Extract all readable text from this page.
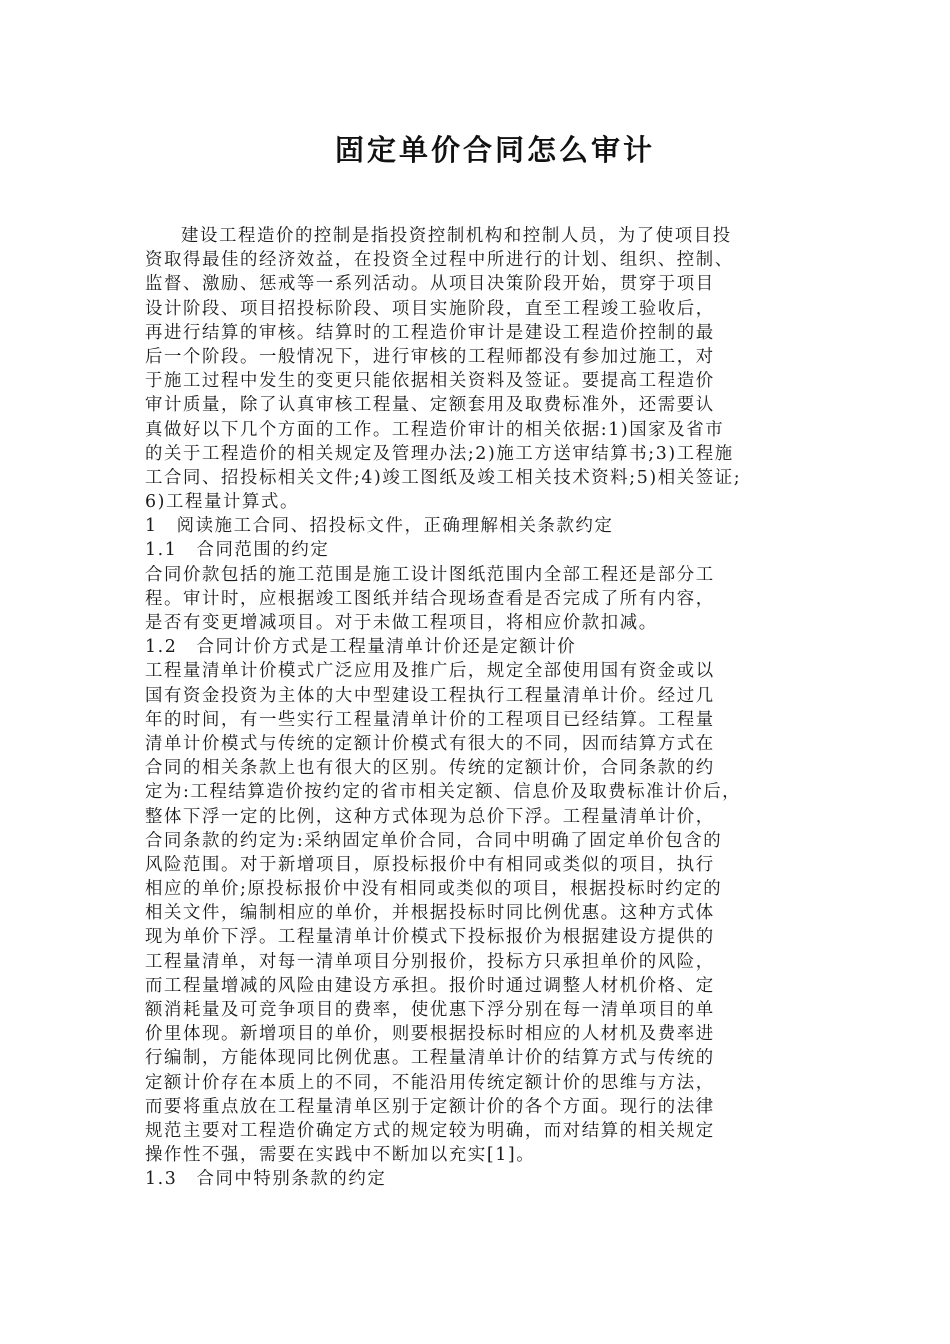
固定单价合同怎么审计
建设工程造价的控制是指投资控制机构和控制人员，为了使项目投
资取得最佳的经济效益，在投资全过程中所进行的计划、组织、控制、
监督、激励、惩戒等一系列活动。从项目决策阶段开始，贯穿于项目
设计阶段、项目招投标阶段、项目实施阶段，直至工程竣工验收后，
再进行结算的审核。结算时的工程造价审计是建设工程造价控制的最
后一个阶段。一般情况下，进行审核的工程师都没有参加过施工，对
于施工过程中发生的变更只能依据相关资料及签证。要提高工程造价
审计质量，除了认真审核工程量、定额套用及取费标准外，还需要认
真做好以下几个方面的工作。工程造价审计的相关依据:1)国家及省市
的关于工程造价的相关规定及管理办法;2)施工方送审结算书;3)工程施
工合同、招投标相关文件;4)竣工图纸及竣工相关技术资料;5)相关签证;
6)工程量计算式。
1　阅读施工合同、招投标文件，正确理解相关条款约定
1.1　合同范围的约定
合同价款包括的施工范围是施工设计图纸范围内全部工程还是部分工
程。审计时，应根据竣工图纸并结合现场查看是否完成了所有内容，
是否有变更增减项目。对于未做工程项目，将相应价款扣减。
1.2　合同计价方式是工程量清单计价还是定额计价
工程量清单计价模式广泛应用及推广后，规定全部使用国有资金或以
国有资金投资为主体的大中型建设工程执行工程量清单计价。经过几
年的时间，有一些实行工程量清单计价的工程项目已经结算。工程量
清单计价模式与传统的定额计价模式有很大的不同，因而结算方式在
合同的相关条款上也有很大的区别。传统的定额计价，合同条款的约
定为:工程结算造价按约定的省市相关定额、信息价及取费标准计价后，
整体下浮一定的比例，这种方式体现为总价下浮。工程量清单计价，
合同条款的约定为:采纳固定单价合同，合同中明确了固定单价包含的
风险范围。对于新增项目，原投标报价中有相同或类似的项目，执行
相应的单价;原投标报价中没有相同或类似的项目，根据投标时约定的
相关文件，编制相应的单价，并根据投标时同比例优惠。这种方式体
现为单价下浮。工程量清单计价模式下投标报价为根据建设方提供的
工程量清单，对每一清单项目分别报价，投标方只承担单价的风险，
而工程量增减的风险由建设方承担。报价时通过调整人材机价格、定
额消耗量及可竞争项目的费率，使优惠下浮分别在每一清单项目的单
价里体现。新增项目的单价，则要根据投标时相应的人材机及费率进
行编制，方能体现同比例优惠。工程量清单计价的结算方式与传统的
定额计价存在本质上的不同，不能沿用传统定额计价的思维与方法，
而要将重点放在工程量清单区别于定额计价的各个方面。现行的法律
规范主要对工程造价确定方式的规定较为明确，而对结算的相关规定
操作性不强，需要在实践中不断加以充实[1]。
1.3　合同中特别条款的约定
